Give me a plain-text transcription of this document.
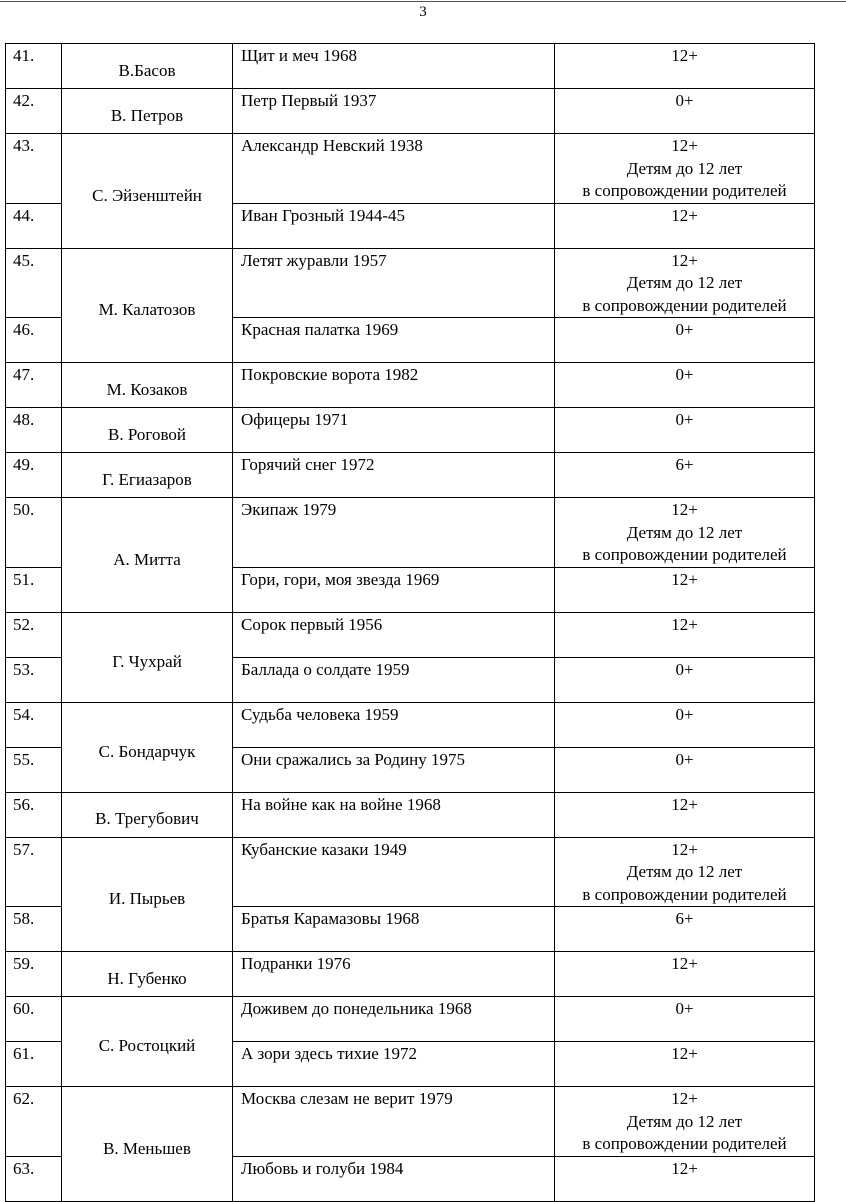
3
41.	В.Басов	Щит и меч 1968	12+

42.	В. Петров	Петр Первый 1937	0+

43.	С. Эйзенштейн	Александр Невский 1938	12+
Детям до 12 лет
в сопровождении родителей

44.		Иван Грозный 1944-45	12+

45.	М. Калатозов	Летят журавли 1957	12+
Детям до 12 лет
в сопровождении родителей

46.		Красная палатка 1969	0+

47.	М. Козаков	Покровские ворота 1982	0+

48.	В. Роговой	Офицеры 1971	0+

49.	Г. Егиазаров	Горячий снег 1972	6+

50.	А. Митта	Экипаж 1979	12+
Детям до 12 лет
в сопровождении родителей

51.		Гори, гори, моя звезда 1969	12+

52.	Г. Чухрай	Сорок первый 1956	12+

53.		Баллада о солдате 1959	0+

54.	С. Бондарчук	Судьба человека 1959	0+

55.		Они сражались за Родину 1975	0+

56.	В. Трегубович	На войне как на войне 1968	12+

57.	И. Пырьев	Кубанские казаки 1949	12+
Детям до 12 лет
в сопровождении родителей

58.		Братья Карамазовы 1968	6+

59.	Н. Губенко	Подранки 1976	12+

60.	С. Ростоцкий	Доживем до понедельника 1968	0+

61.		А зори здесь тихие 1972	12+

62.	В. Меньшев	Москва слезам не верит 1979	12+
Детям до 12 лет
в сопровождении родителей

63.		Любовь и голуби 1984	12+
